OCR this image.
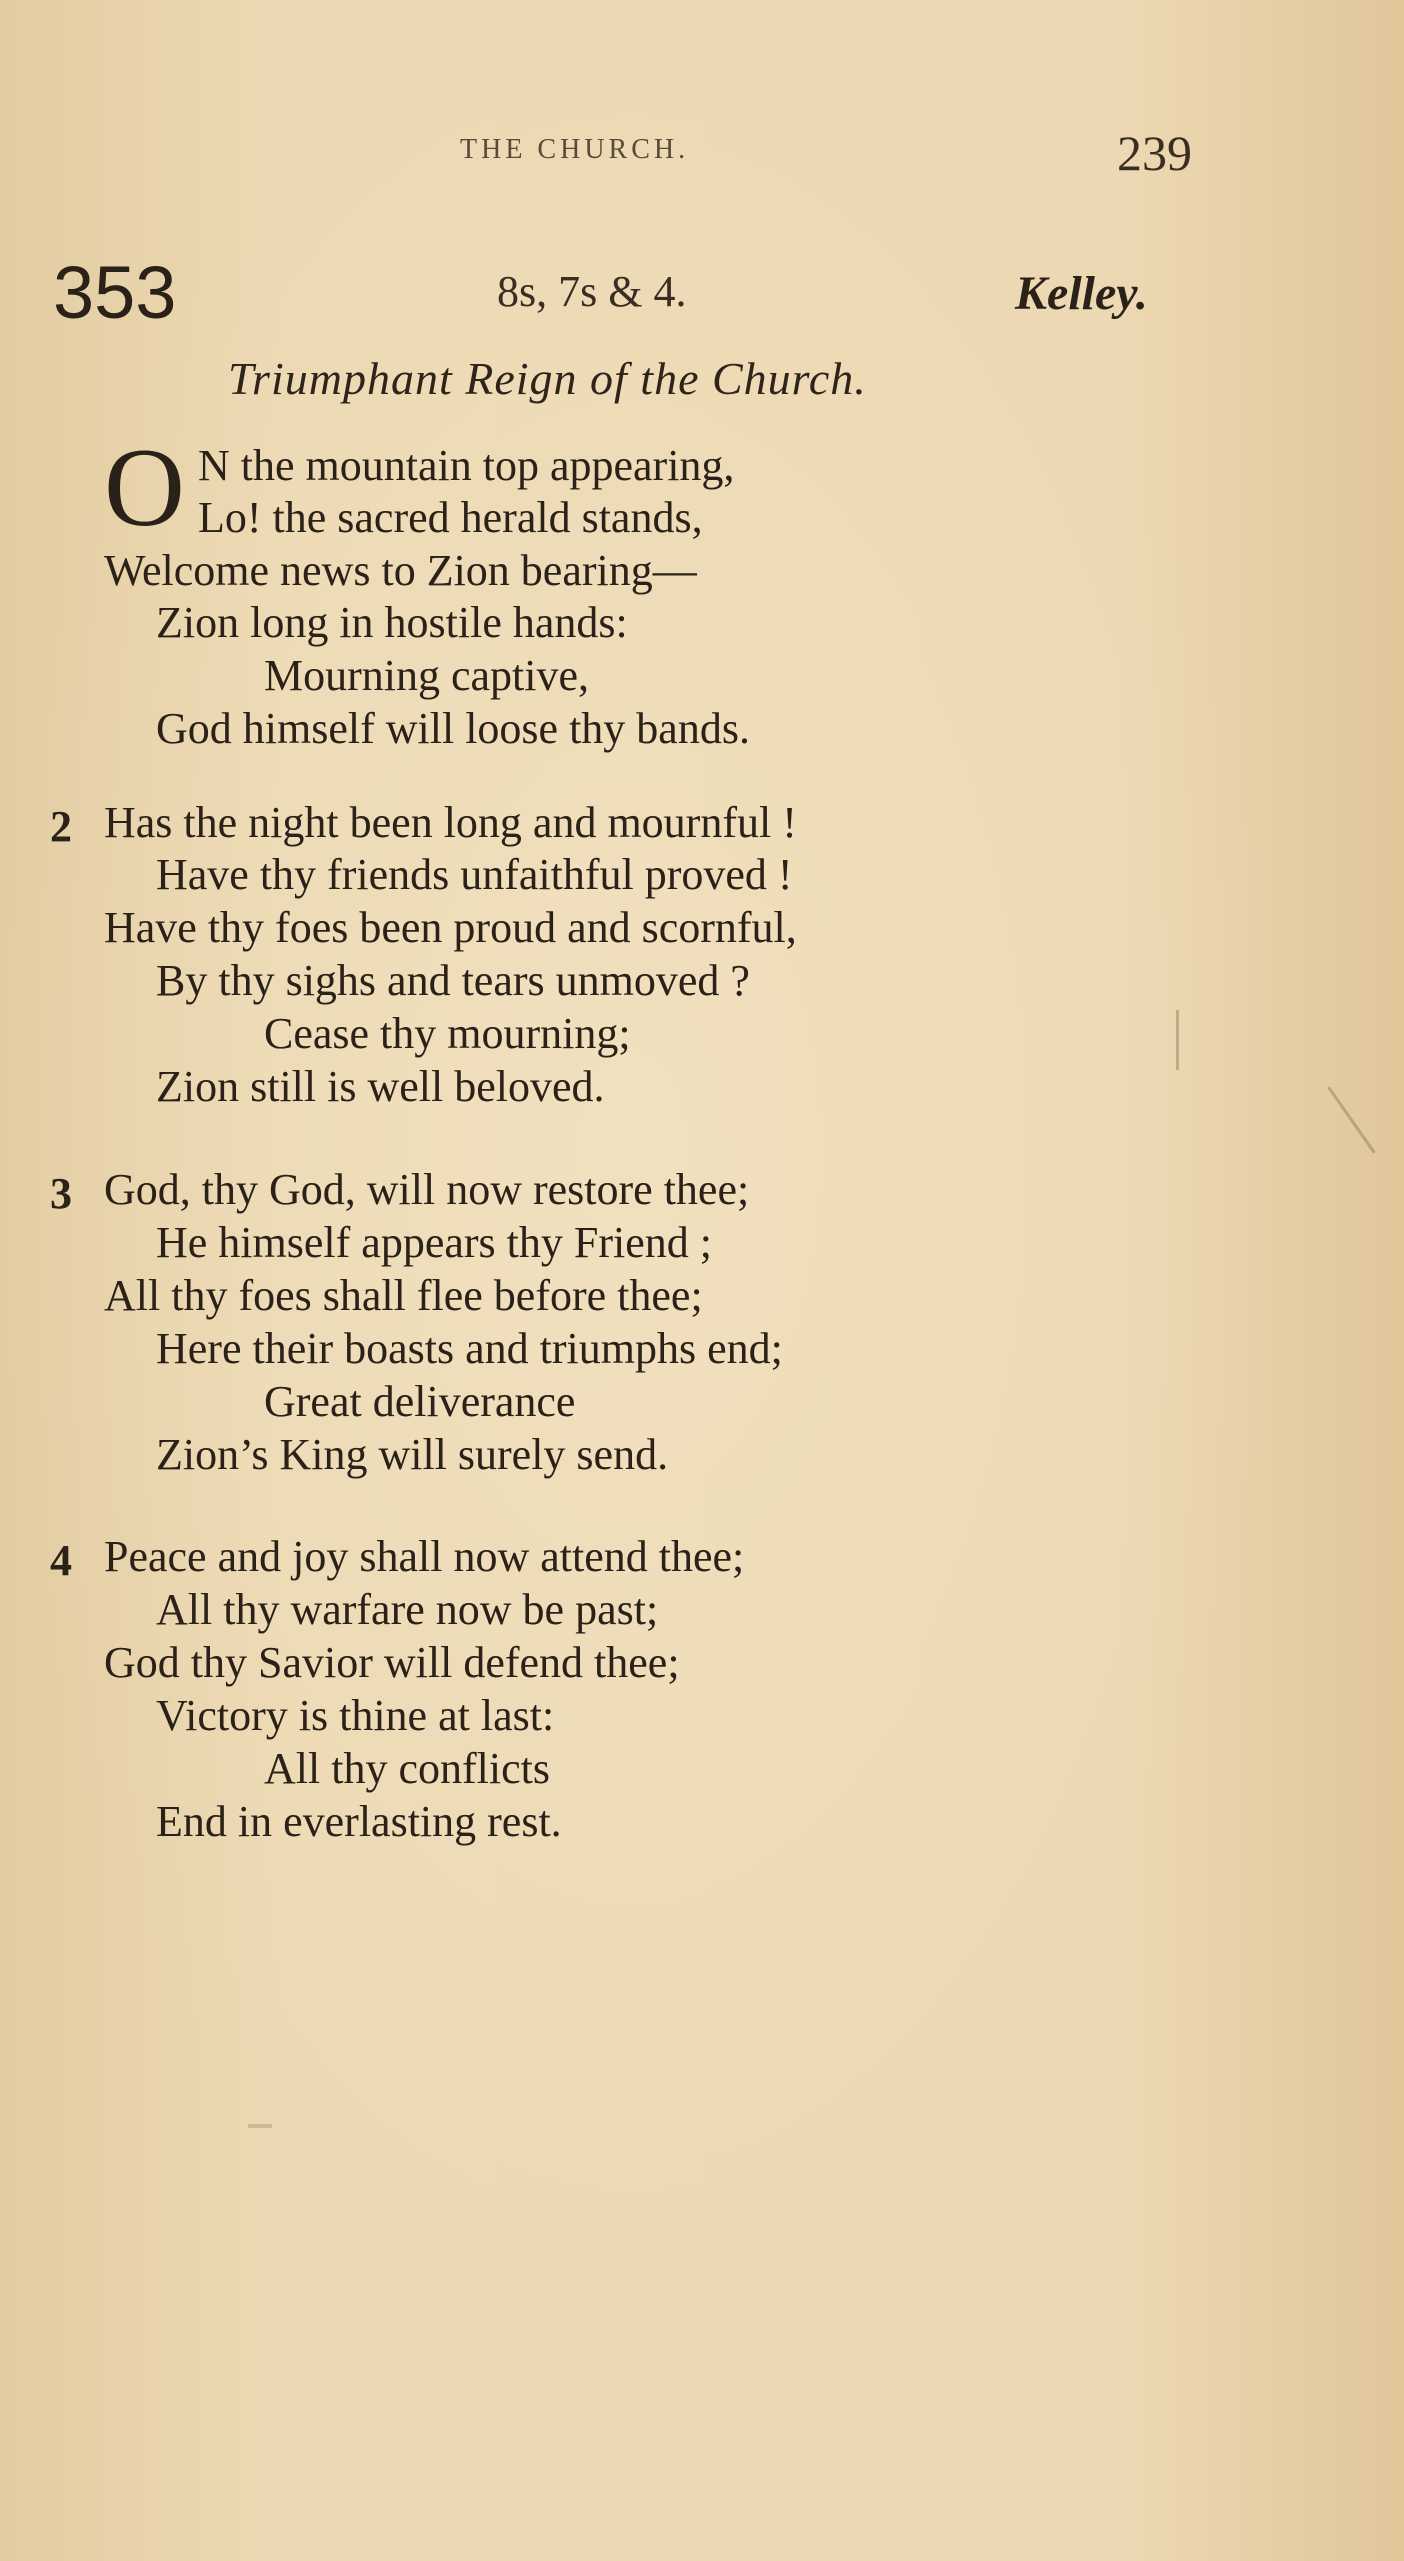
THE CHURCH.	239
353	8s, 7s & 4.	Kelley.
Triumphant Reign of the Church.
O N the mountain top appearing,
Lo! the sacred herald stands,
Welcome news to Zion bearing—
Zion long in hostile hands:
Mourning captive,
God himself will loose thy bands.
2 Has the night been long and mournful !
Have thy friends unfaithful proved !
Have thy foes been proud and scornful,
By thy sighs and tears unmoved ?
Cease thy mourning;
Zion still is well beloved.
3 God, thy God, will now restore thee;
He himself appears thy Friend ;
All thy foes shall flee before thee;
Here their boasts and triumphs end;
Great deliverance
Zion’s King will surely send.
4 Peace and joy shall now attend thee;
All thy warfare now be past;
God thy Savior will defend thee;
Victory is thine at last:
All thy conflicts
End in everlasting rest.
